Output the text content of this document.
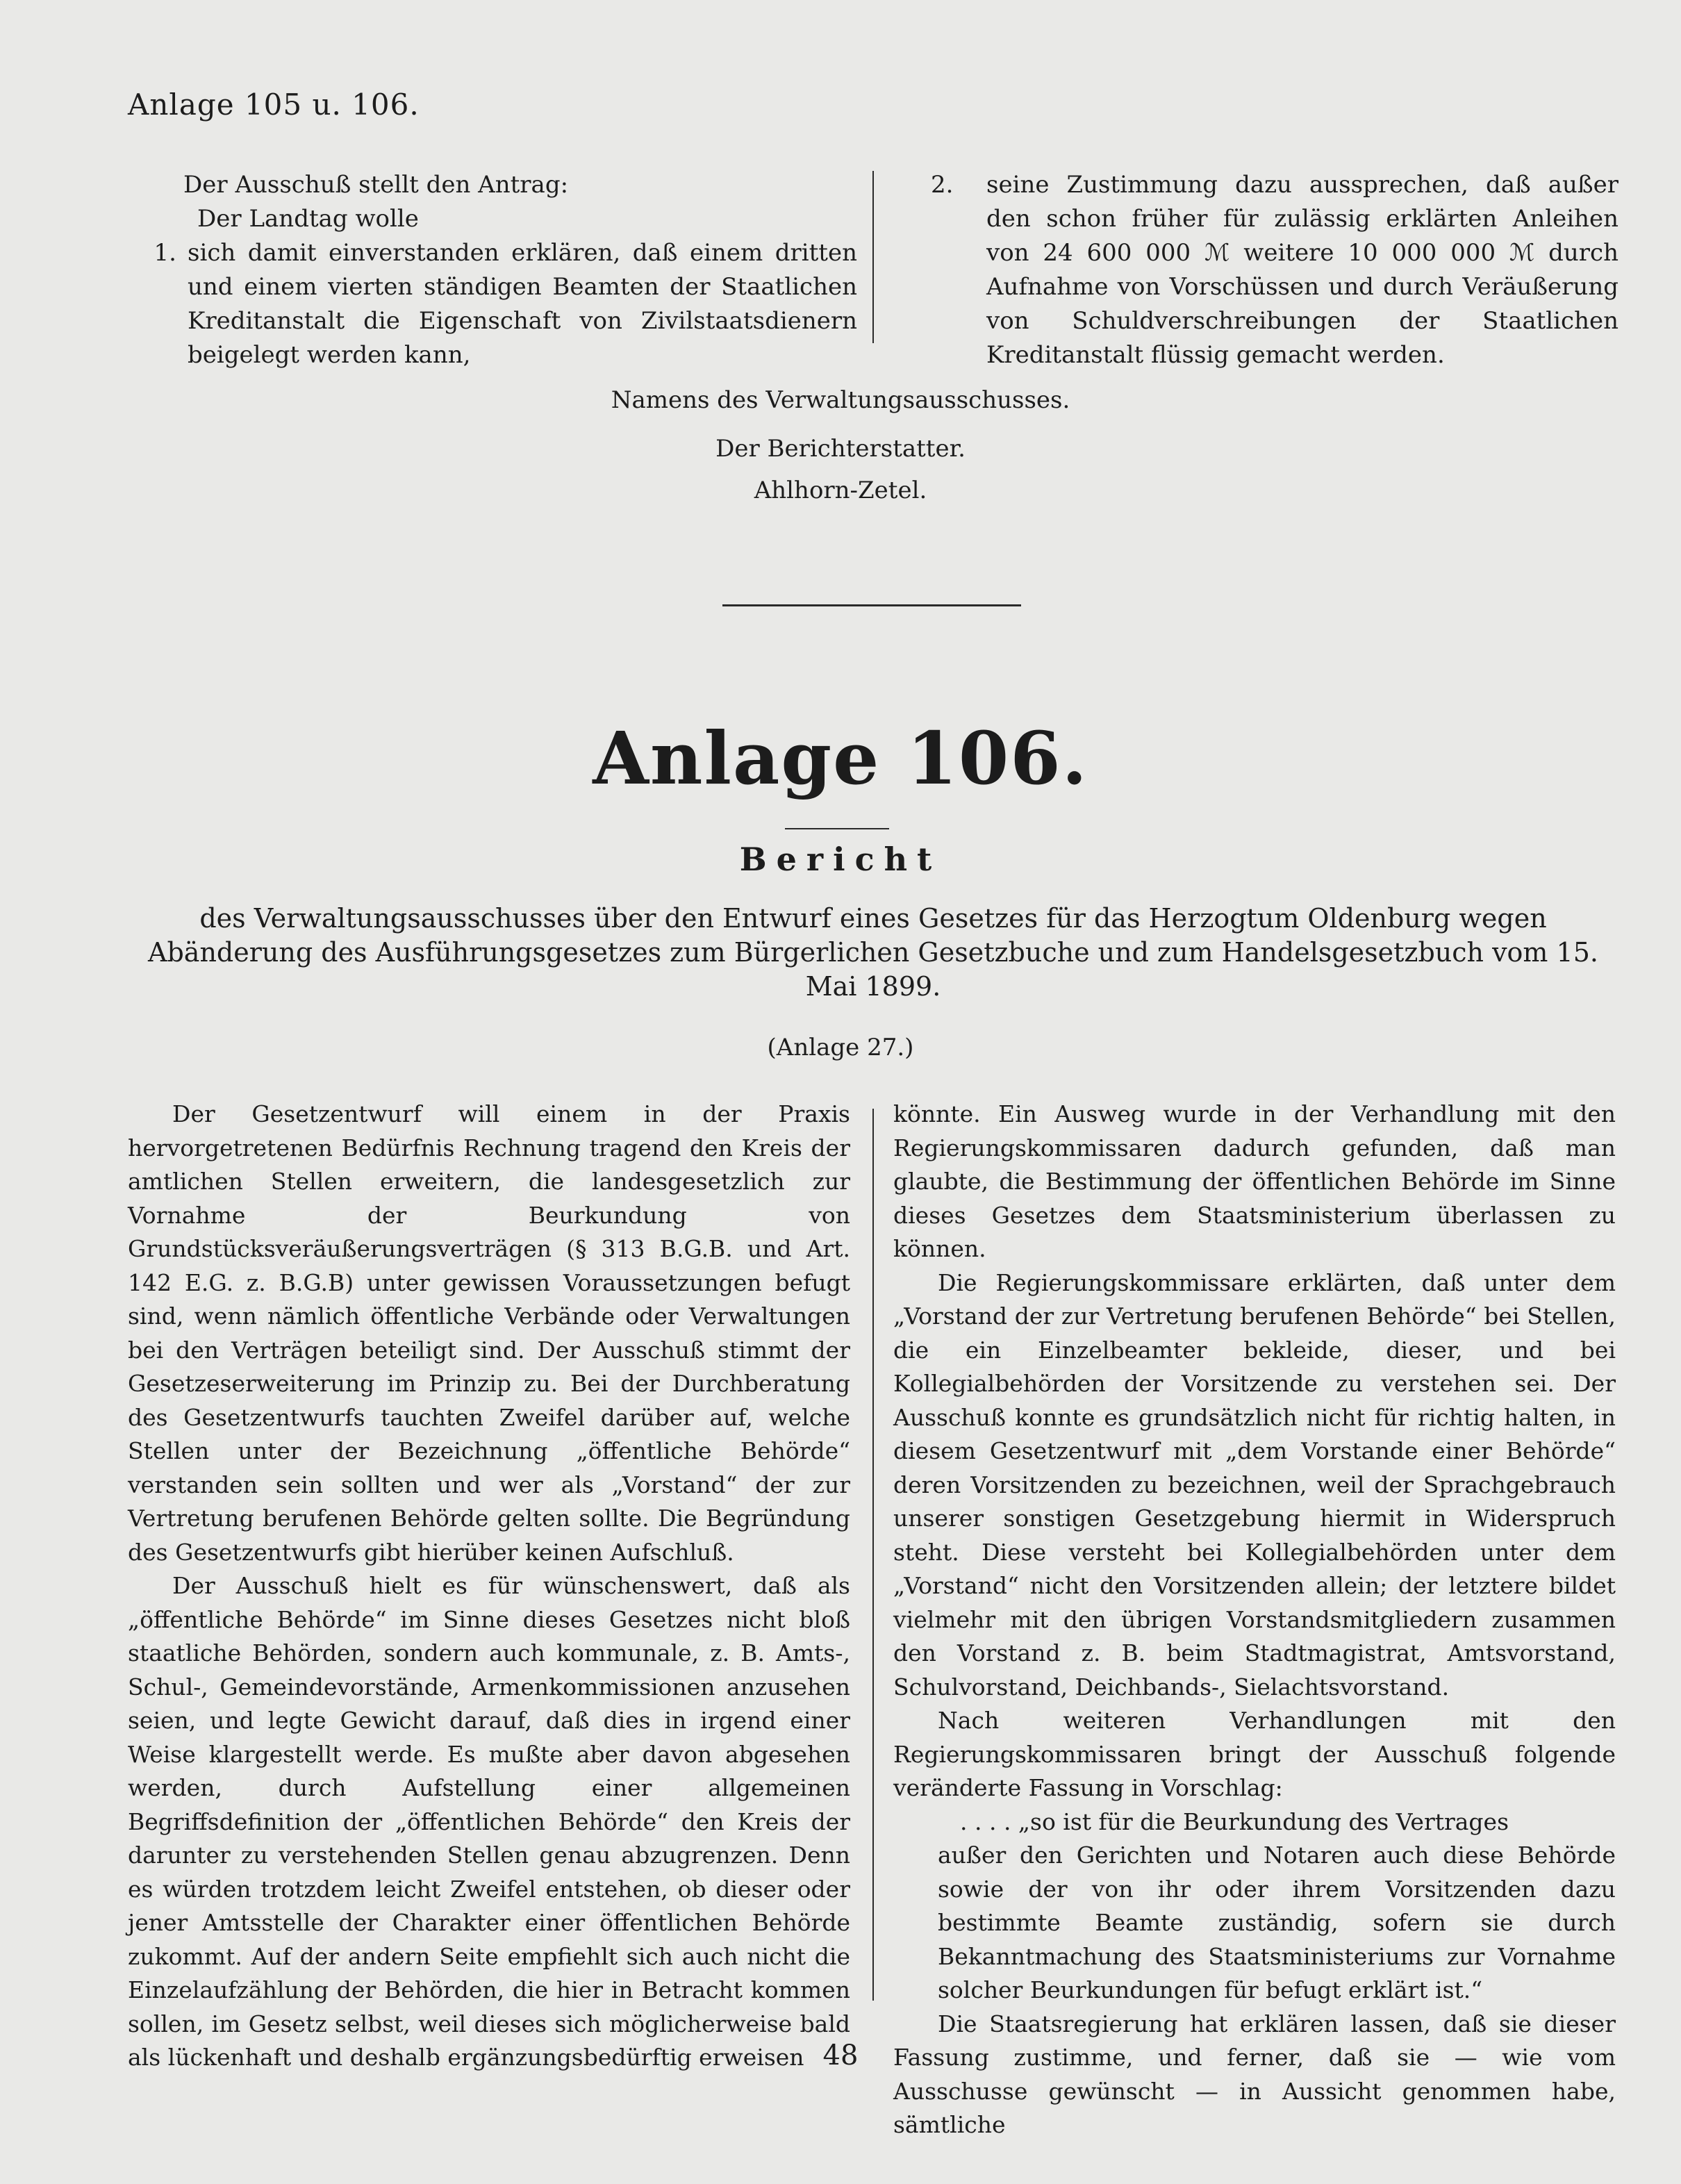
Anlage 105 u. 106.
Der Ausschuß stellt den Antrag:
Der Landtag wolle
1. sich damit einverstanden erklären, daß einem dritten und einem vierten ständigen Beamten der Staatlichen Kreditanstalt die Eigenschaft von Zivilstaatsdienern beigelegt werden kann,
2.	seine Zustimmung dazu aussprechen, daß außer den schon früher für zulässig erklärten Anleihen von 24 600 000 ℳ weitere 10 000 000 ℳ durch Aufnahme von Vorschüssen und durch Veräußerung von Schuldverschreibungen der Staatlichen Kreditanstalt flüssig gemacht werden.
Namens des Verwaltungsausschusses.
Der Berichterstatter.
Ahlhorn-Zetel.
Anlage 106.
Bericht
des Verwaltungsausschusses über den Entwurf eines Gesetzes für das Herzogtum Oldenburg wegen Abänderung des Ausführungsgesetzes zum Bürgerlichen Gesetzbuche und zum Handelsgesetzbuch vom 15. Mai 1899.
(Anlage 27.)

Der Gesetzentwurf will einem in der Praxis hervorgetretenen Bedürfnis Rechnung tragend den Kreis der amtlichen Stellen erweitern, die landesgesetzlich zur Vornahme der Beurkundung von Grundstücksveräußerungsverträgen (§ 313 B.G.B. und Art. 142 E.G. z. B.G.B) unter gewissen Voraussetzungen befugt sind, wenn nämlich öffentliche Verbände oder Verwaltungen bei den Verträgen beteiligt sind. Der Ausschuß stimmt der Gesetzeserweiterung im Prinzip zu. Bei der Durchberatung des Gesetzentwurfs tauchten Zweifel darüber auf, welche Stellen unter der Bezeichnung „öffentliche Behörde“ verstanden sein sollten und wer als „Vorstand“ der zur Vertretung berufenen Behörde gelten sollte. Die Begründung des Gesetzentwurfs gibt hierüber keinen Aufschluß.

Der Ausschuß hielt es für wünschenswert, daß als „öffentliche Behörde“ im Sinne dieses Gesetzes nicht bloß staatliche Behörden, sondern auch kommunale, z. B. Amts-, Schul-, Gemeindevorstände, Armenkommissionen anzusehen seien, und legte Gewicht darauf, daß dies in irgend einer Weise klargestellt werde. Es mußte aber davon abgesehen werden, durch Aufstellung einer allgemeinen Begriffsdefinition der „öffentlichen Behörde“ den Kreis der darunter zu verstehenden Stellen genau abzugrenzen. Denn es würden trotzdem leicht Zweifel entstehen, ob dieser oder jener Amtsstelle der Charakter einer öffentlichen Behörde zukommt. Auf der andern Seite empfiehlt sich auch nicht die Einzelaufzählung der Behörden, die hier in Betracht kommen sollen, im Gesetz selbst, weil dieses sich möglicherweise bald als lückenhaft und deshalb ergänzungsbedürftig erweisen

könnte. Ein Ausweg wurde in der Verhandlung mit den Regierungskommissaren dadurch gefunden, daß man glaubte, die Bestimmung der öffentlichen Behörde im Sinne dieses Gesetzes dem Staatsministerium überlassen zu können.

Die Regierungskommissare erklärten, daß unter dem „Vorstand der zur Vertretung berufenen Behörde“ bei Stellen, die ein Einzelbeamter bekleide, dieser, und bei Kollegialbehörden der Vorsitzende zu verstehen sei. Der Ausschuß konnte es grundsätzlich nicht für richtig halten, in diesem Gesetzentwurf mit „dem Vorstande einer Behörde“ deren Vorsitzenden zu bezeichnen, weil der Sprachgebrauch unserer sonstigen Gesetzgebung hiermit in Widerspruch steht. Diese versteht bei Kollegialbehörden unter dem „Vorstand“ nicht den Vorsitzenden allein; der letztere bildet vielmehr mit den übrigen Vorstandsmitgliedern zusammen den Vorstand z. B. beim Stadtmagistrat, Amtsvorstand, Schulvorstand, Deichbands-, Sielachtsvorstand.

Nach weiteren Verhandlungen mit den Regierungskommissaren bringt der Ausschuß folgende veränderte Fassung in Vorschlag:

. . . . „so ist für die Beurkundung des Vertrages
außer den Gerichten und Notaren auch diese Behörde sowie der von ihr oder ihrem Vorsitzenden dazu bestimmte Beamte zuständig, sofern sie durch Bekanntmachung des Staatsministeriums zur Vornahme solcher Beurkundungen für befugt erklärt ist.“

Die Staatsregierung hat erklären lassen, daß sie dieser Fassung zustimme, und ferner, daß sie — wie vom Ausschusse gewünscht — in Aussicht genommen habe, sämtliche

48
